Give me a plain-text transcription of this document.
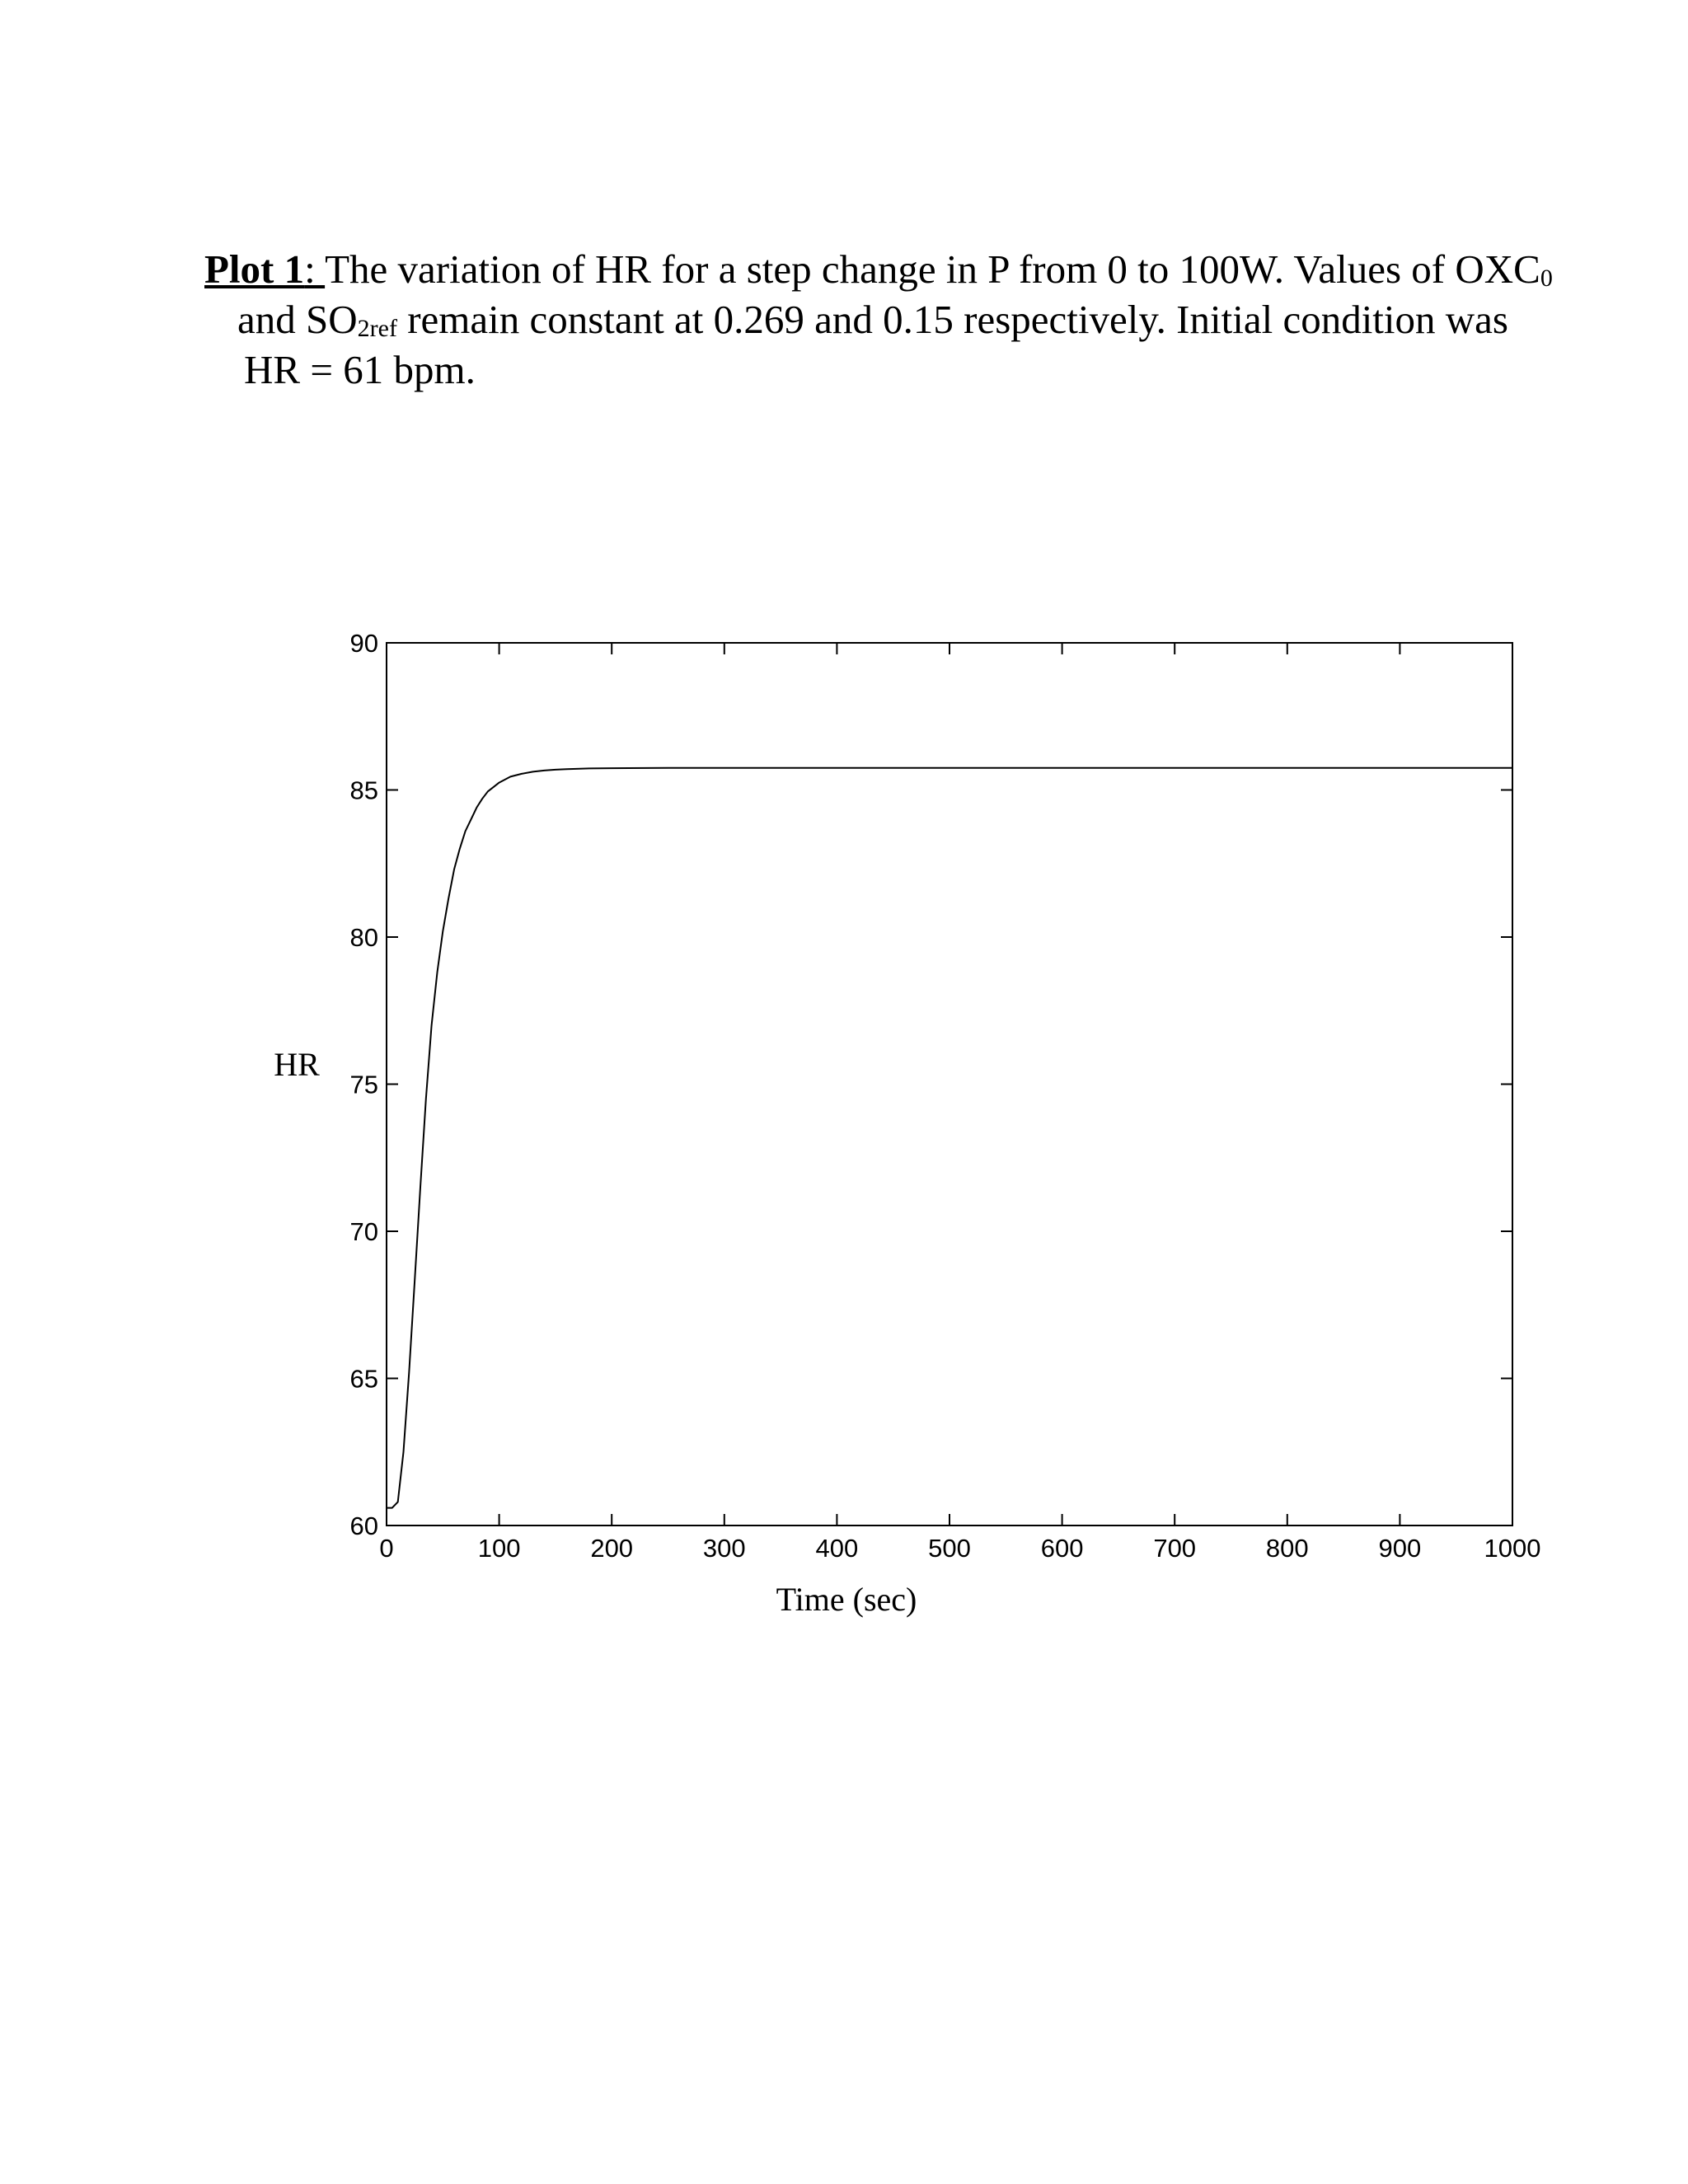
Plot 1: The variation of HR for a step change in P from 0 to 100W. Values of $OXC_0$
and $SO_{2ref}$ remain constant at 0.269 and 0.15 respectively. Initial condition was
HR = 61 bpm.
0	100	200	300	400	500	600	700	800	900 1000
60
65
70
75
80
85
90
Time (sec)
HR
